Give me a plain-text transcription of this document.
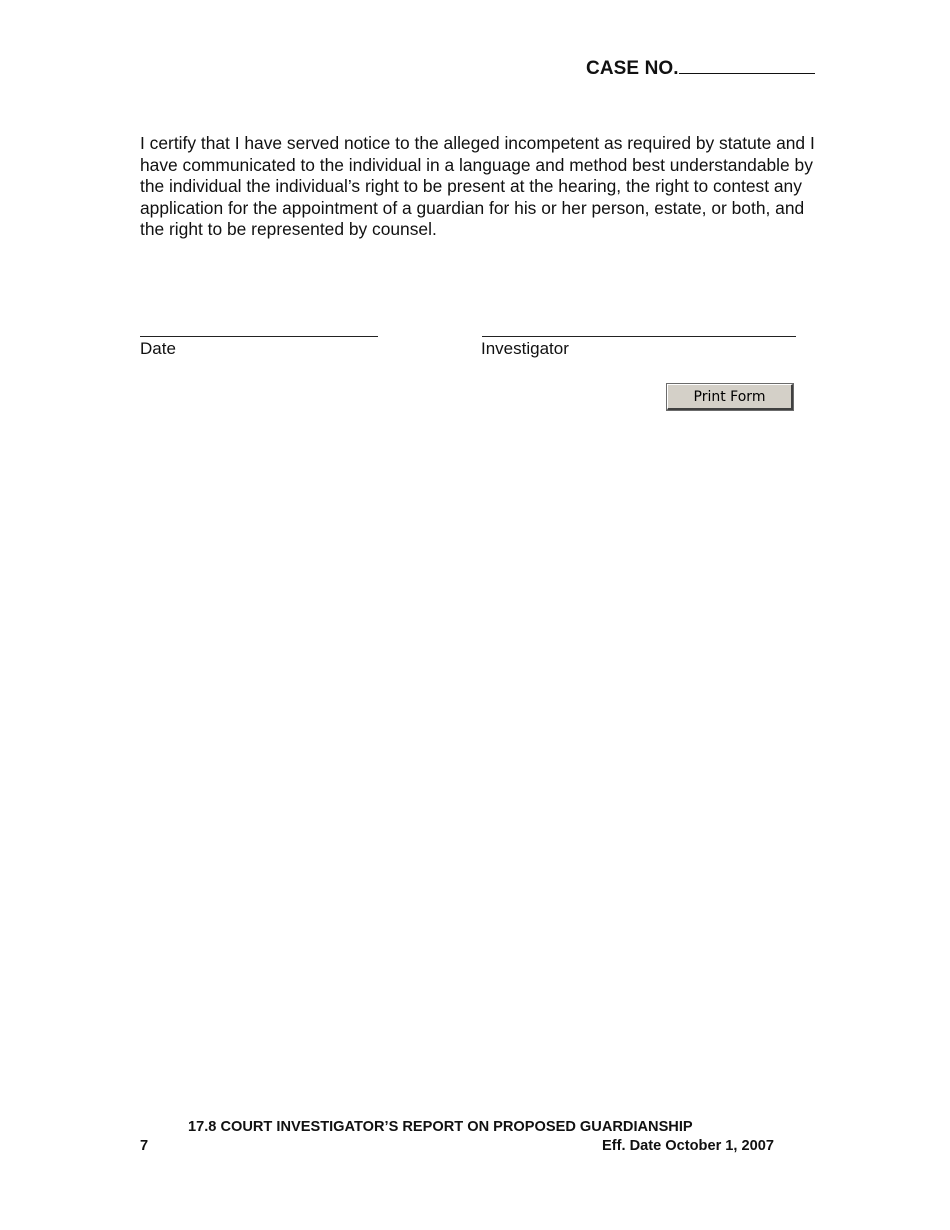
CASE NO.
I certify that I have served notice to the alleged incompetent as required by statute and I have communicated to the individual in a language and method best understandable by the individual the individual’s right to be present at the hearing, the right to contest any application for the appointment of a guardian for his or her person, estate, or both, and the right to be represented by counsel.
Date	Investigator
Print Form
17.8 COURT INVESTIGATOR’S REPORT ON PROPOSED GUARDIANSHIP
7	Eff. Date October 1, 2007
